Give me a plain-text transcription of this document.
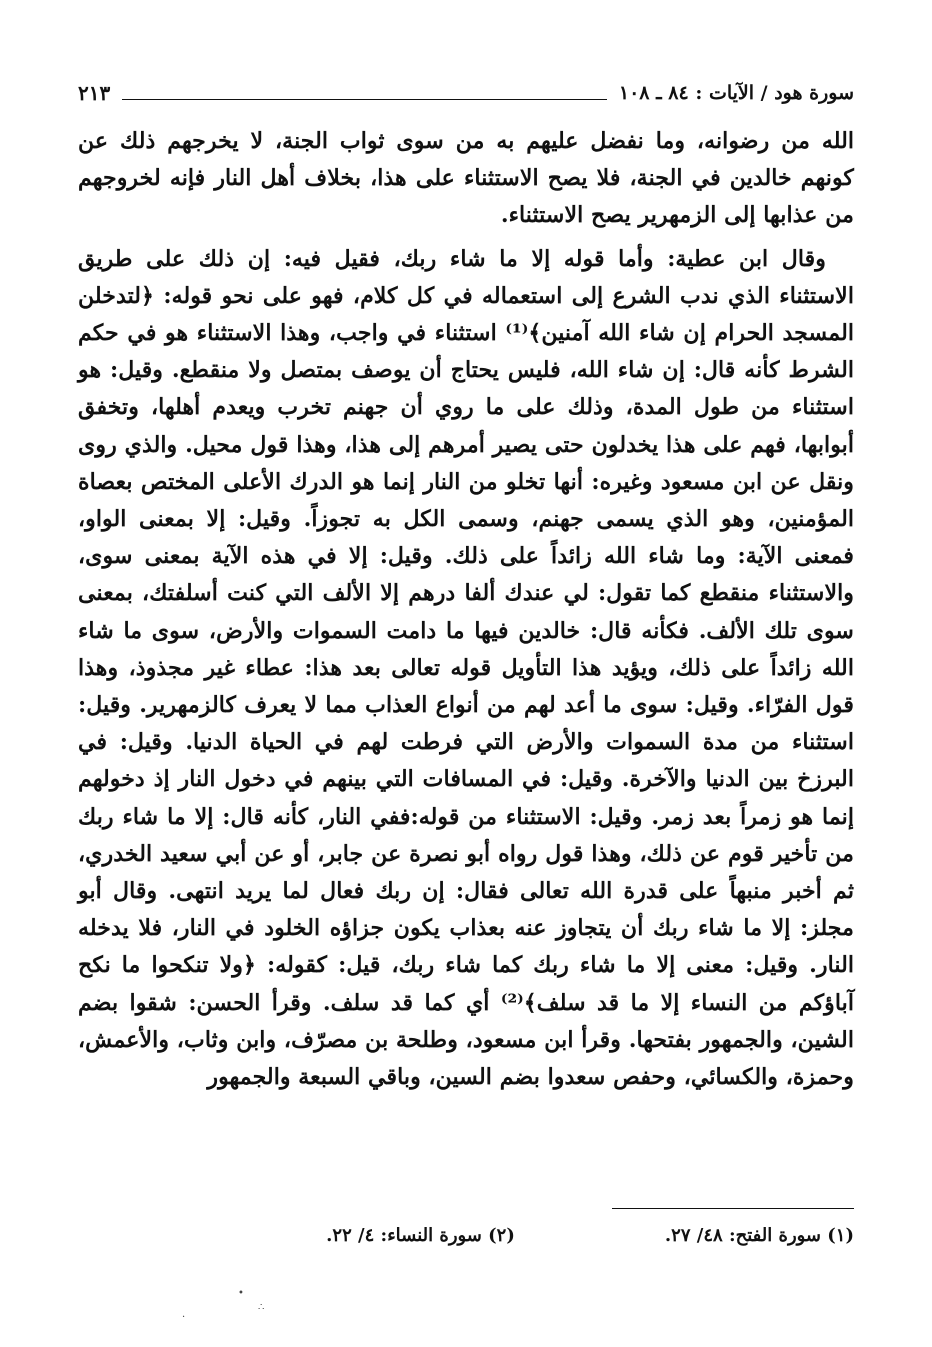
سورة هود / الآيات : ٨٤ ـ ١٠٨
٢١٣

الله من رضوانه، وما نفضل عليهم به من سوى ثواب الجنة، لا يخرجهم ذلك عن كونهم خالدين في الجنة، فلا يصح الاستثناء على هذا، بخلاف أهل النار فإنه لخروجهم من عذابها إلى الزمهرير يصح الاستثناء.

وقال ابن عطية: وأما قوله إلا ما شاء ربك، فقيل فيه: إن ذلك على طريق الاستثناء الذي ندب الشرع إلى استعماله في كل كلام، فهو على نحو قوله: ﴿لتدخلن المسجد الحرام إن شاء الله آمنين﴾⁽¹⁾ استثناء في واجب، وهذا الاستثناء هو في حكم الشرط كأنه قال: إن شاء الله، فليس يحتاج أن يوصف بمتصل ولا منقطع. وقيل: هو استثناء من طول المدة، وذلك على ما روي أن جهنم تخرب ويعدم أهلها، وتخفق أبوابها، فهم على هذا يخدلون حتى يصير أمرهم إلى هذا، وهذا قول محيل. والذي روى ونقل عن ابن مسعود وغيره: أنها تخلو من النار إنما هو الدرك الأعلى المختص بعصاة المؤمنين، وهو الذي يسمى جهنم، وسمى الكل به تجوزاً. وقيل: إلا بمعنى الواو، فمعنى الآية: وما شاء الله زائداً على ذلك. وقيل: إلا في هذه الآية بمعنى سوى، والاستثناء منقطع كما تقول: لي عندك ألفا درهم إلا الألف التي كنت أسلفتك، بمعنى سوى تلك الألف. فكأنه قال: خالدين فيها ما دامت السموات والأرض، سوى ما شاء الله زائداً على ذلك، ويؤيد هذا التأويل قوله تعالى بعد هذا: عطاء غير مجذوذ، وهذا قول الفرّاء. وقيل: سوى ما أعد لهم من أنواع العذاب مما لا يعرف كالزمهرير. وقيل: استثناء من مدة السموات والأرض التي فرطت لهم في الحياة الدنيا. وقيل: في البرزخ بين الدنيا والآخرة. وقيل: في المسافات التي بينهم في دخول النار إذ دخولهم إنما هو زمراً بعد زمر. وقيل: الاستثناء من قوله:ففي النار، كأنه قال: إلا ما شاء ربك من تأخير قوم عن ذلك، وهذا قول رواه أبو نصرة عن جابر، أو عن أبي سعيد الخدري، ثم أخبر منبهاً على قدرة الله تعالى فقال: إن ربك فعال لما يريد انتهى. وقال أبو مجلز: إلا ما شاء ربك أن يتجاوز عنه بعذاب يكون جزاؤه الخلود في النار، فلا يدخله النار. وقيل: معنى إلا ما شاء ربك كما شاء ربك، قيل: كقوله: ﴿ولا تنكحوا ما نكح آباؤكم من النساء إلا ما قد سلف﴾⁽²⁾ أي كما قد سلف. وقرأ الحسن: شقوا بضم الشين، والجمهور بفتحها. وقرأ ابن مسعود، وطلحة بن مصرّف، وابن وثاب، والأعمش، وحمزة، والكسائي، وحفص سعدوا بضم السين، وباقي السبعة والجمهور

(١) سورة الفتح: ٤٨/ ٢٧.
(٢) سورة النساء: ٤/ ٢٢.
•
∴
·
